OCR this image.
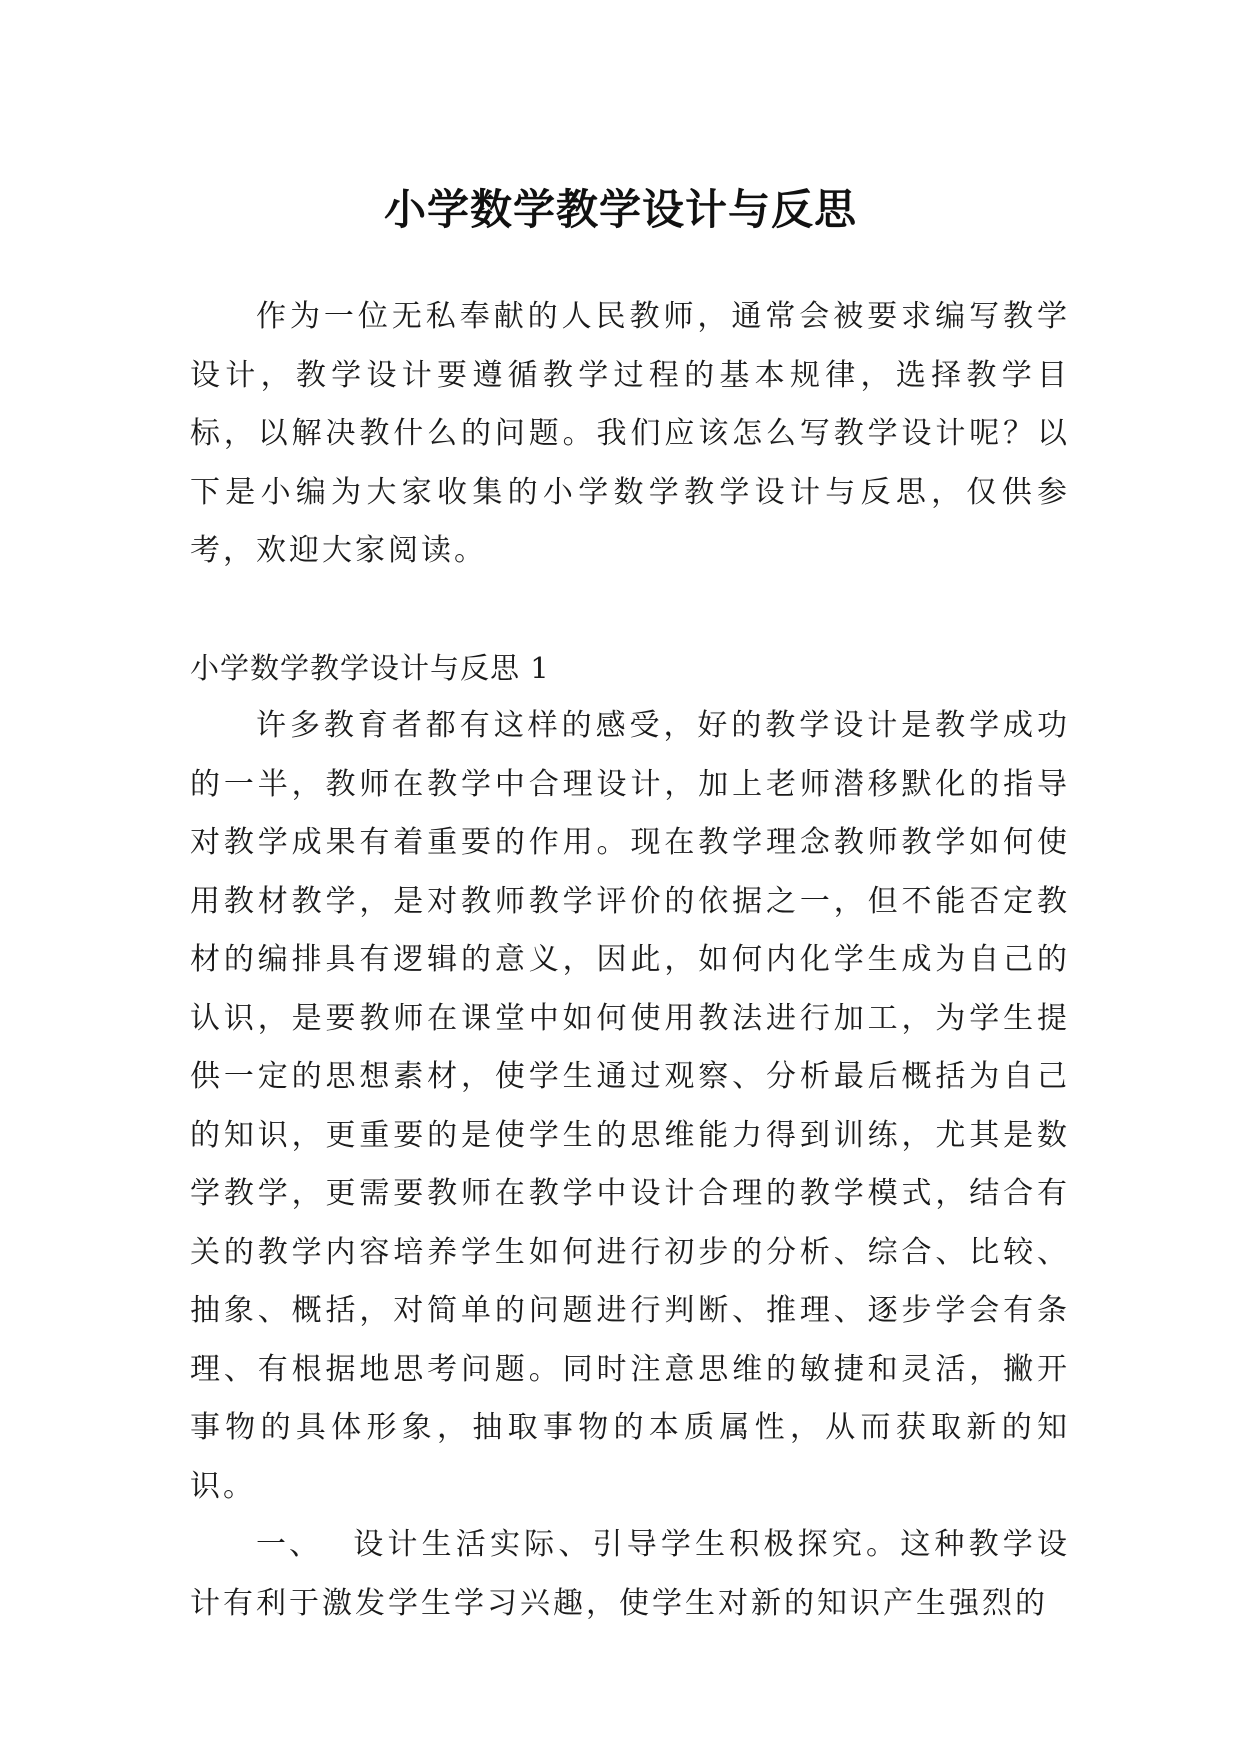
小学数学教学设计与反思

作为一位无私奉献的人民教师，通常会被要求编写教学设计，教学设计要遵循教学过程的基本规律，选择教学目标，以解决教什么的问题。我们应该怎么写教学设计呢？以下是小编为大家收集的小学数学教学设计与反思，仅供参考，欢迎大家阅读。

小学数学教学设计与反思 1

许多教育者都有这样的感受，好的教学设计是教学成功的一半，教师在教学中合理设计，加上老师潜移默化的指导对教学成果有着重要的作用。现在教学理念教师教学如何使用教材教学，是对教师教学评价的依据之一，但不能否定教材的编排具有逻辑的意义，因此，如何内化学生成为自己的认识，是要教师在课堂中如何使用教法进行加工，为学生提供一定的思想素材，使学生通过观察、分析最后概括为自己的知识，更重要的是使学生的思维能力得到训练，尤其是数学教学，更需要教师在教学中设计合理的教学模式，结合有关的教学内容培养学生如何进行初步的分析、综合、比较、抽象、概括，对简单的问题进行判断、推理、逐步学会有条理、有根据地思考问题。同时注意思维的敏捷和灵活，撇开事物的具体形象，抽取事物的本质属性，从而获取新的知识。

一、 设计生活实际、引导学生积极探究。这种教学设计有利于激发学生学习兴趣，使学生对新的知识产生强烈的
